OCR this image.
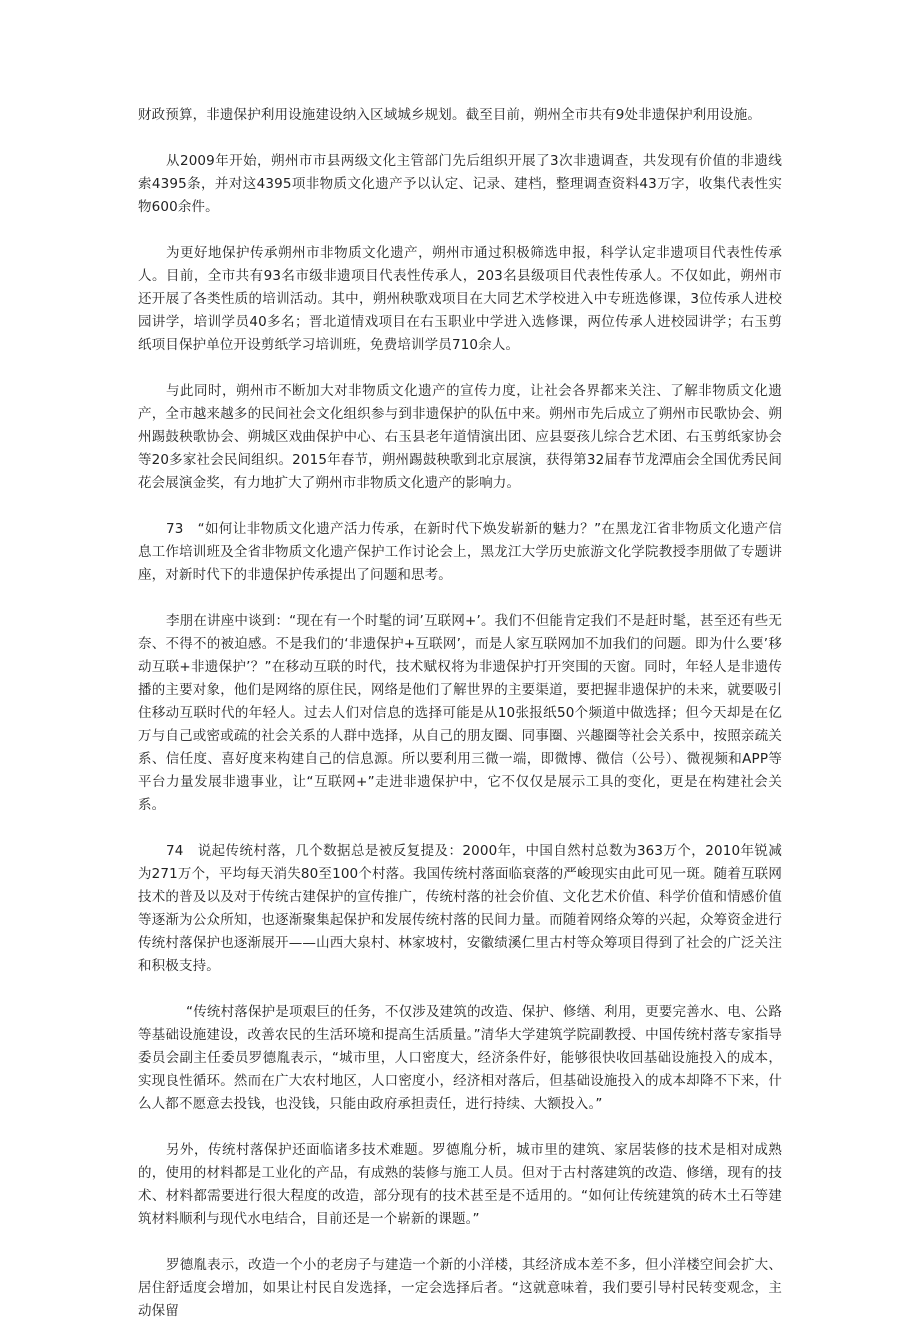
财政预算，非遗保护利用设施建设纳入区域城乡规划。截至目前，朔州全市共有9处非遗保护利用设施。

从2009年开始，朔州市市县两级文化主管部门先后组织开展了3次非遗调查，共发现有价值的非遗线索4395条，并对这4395项非物质文化遗产予以认定、记录、建档，整理调查资料43万字，收集代表性实物600余件。

为更好地保护传承朔州市非物质文化遗产，朔州市通过积极筛选申报，科学认定非遗项目代表性传承人。目前，全市共有93名市级非遗项目代表性传承人，203名县级项目代表性传承人。不仅如此，朔州市还开展了各类性质的培训活动。其中，朔州秧歌戏项目在大同艺术学校进入中专班选修课，3位传承人进校园讲学，培训学员40多名；晋北道情戏项目在右玉职业中学进入选修课，两位传承人进校园讲学；右玉剪纸项目保护单位开设剪纸学习培训班，免费培训学员710余人。

与此同时，朔州市不断加大对非物质文化遗产的宣传力度，让社会各界都来关注、了解非物质文化遗产，全市越来越多的民间社会文化组织参与到非遗保护的队伍中来。朔州市先后成立了朔州市民歌协会、朔州踢鼓秧歌协会、朔城区戏曲保护中心、右玉县老年道情演出团、应县耍孩儿综合艺术团、右玉剪纸家协会等20多家社会民间组织。2015年春节，朔州踢鼓秧歌到北京展演，获得第32届春节龙潭庙会全国优秀民间花会展演金奖，有力地扩大了朔州市非物质文化遗产的影响力。

73　“如何让非物质文化遗产活力传承，在新时代下焕发崭新的魅力？”在黑龙江省非物质文化遗产信息工作培训班及全省非物质文化遗产保护工作讨论会上，黑龙江大学历史旅游文化学院教授李朋做了专题讲座，对新时代下的非遗保护传承提出了问题和思考。

李朋在讲座中谈到：“现在有一个时髦的词’互联网+’。我们不但能肯定我们不是赶时髦，甚至还有些无奈、不得不的被迫感。不是我们的‘非遗保护+互联网’，而是人家互联网加不加我们的问题。即为什么要’移动互联+非遗保护’？”在移动互联的时代，技术赋权将为非遗保护打开突围的天窗。同时，年轻人是非遗传播的主要对象，他们是网络的原住民，网络是他们了解世界的主要渠道，要把握非遗保护的未来，就要吸引住移动互联时代的年轻人。过去人们对信息的选择可能是从10张报纸50个频道中做选择；但今天却是在亿万与自己或密或疏的社会关系的人群中选择，从自己的朋友圈、同事圈、兴趣圈等社会关系中，按照亲疏关系、信任度、喜好度来构建自己的信息源。所以要利用三微一端，即微博、微信（公号）、微视频和APP等平台力量发展非遗事业，让“互联网+”走进非遗保护中，它不仅仅是展示工具的变化，更是在构建社会关系。

74　说起传统村落，几个数据总是被反复提及：2000年，中国自然村总数为363万个，2010年锐减为271万个，平均每天消失80至100个村落。我国传统村落面临衰落的严峻现实由此可见一斑。随着互联网技术的普及以及对于传统古建保护的宣传推广，传统村落的社会价值、文化艺术价值、科学价值和情感价值等逐渐为公众所知，也逐渐聚集起保护和发展传统村落的民间力量。而随着网络众筹的兴起，众筹资金进行传统村落保护也逐渐展开——山西大泉村、林家坡村，安徽绩溪仁里古村等众筹项目得到了社会的广泛关注和积极支持。

“传统村落保护是项艰巨的任务，不仅涉及建筑的改造、保护、修缮、利用，更要完善水、电、公路等基础设施建设，改善农民的生活环境和提高生活质量。”清华大学建筑学院副教授、中国传统村落专家指导委员会副主任委员罗德胤表示，“城市里，人口密度大，经济条件好，能够很快收回基础设施投入的成本，实现良性循环。然而在广大农村地区，人口密度小，经济相对落后，但基础设施投入的成本却降不下来，什么人都不愿意去投钱，也没钱，只能由政府承担责任，进行持续、大额投入。”

另外，传统村落保护还面临诸多技术难题。罗德胤分析，城市里的建筑、家居装修的技术是相对成熟的，使用的材料都是工业化的产品，有成熟的装修与施工人员。但对于古村落建筑的改造、修缮，现有的技术、材料都需要进行很大程度的改造，部分现有的技术甚至是不适用的。“如何让传统建筑的砖木土石等建筑材料顺利与现代水电结合，目前还是一个崭新的课题。”

罗德胤表示，改造一个小的老房子与建造一个新的小洋楼，其经济成本差不多，但小洋楼空间会扩大、居住舒适度会增加，如果让村民自发选择，一定会选择后者。“这就意味着，我们要引导村民转变观念，主动保留
